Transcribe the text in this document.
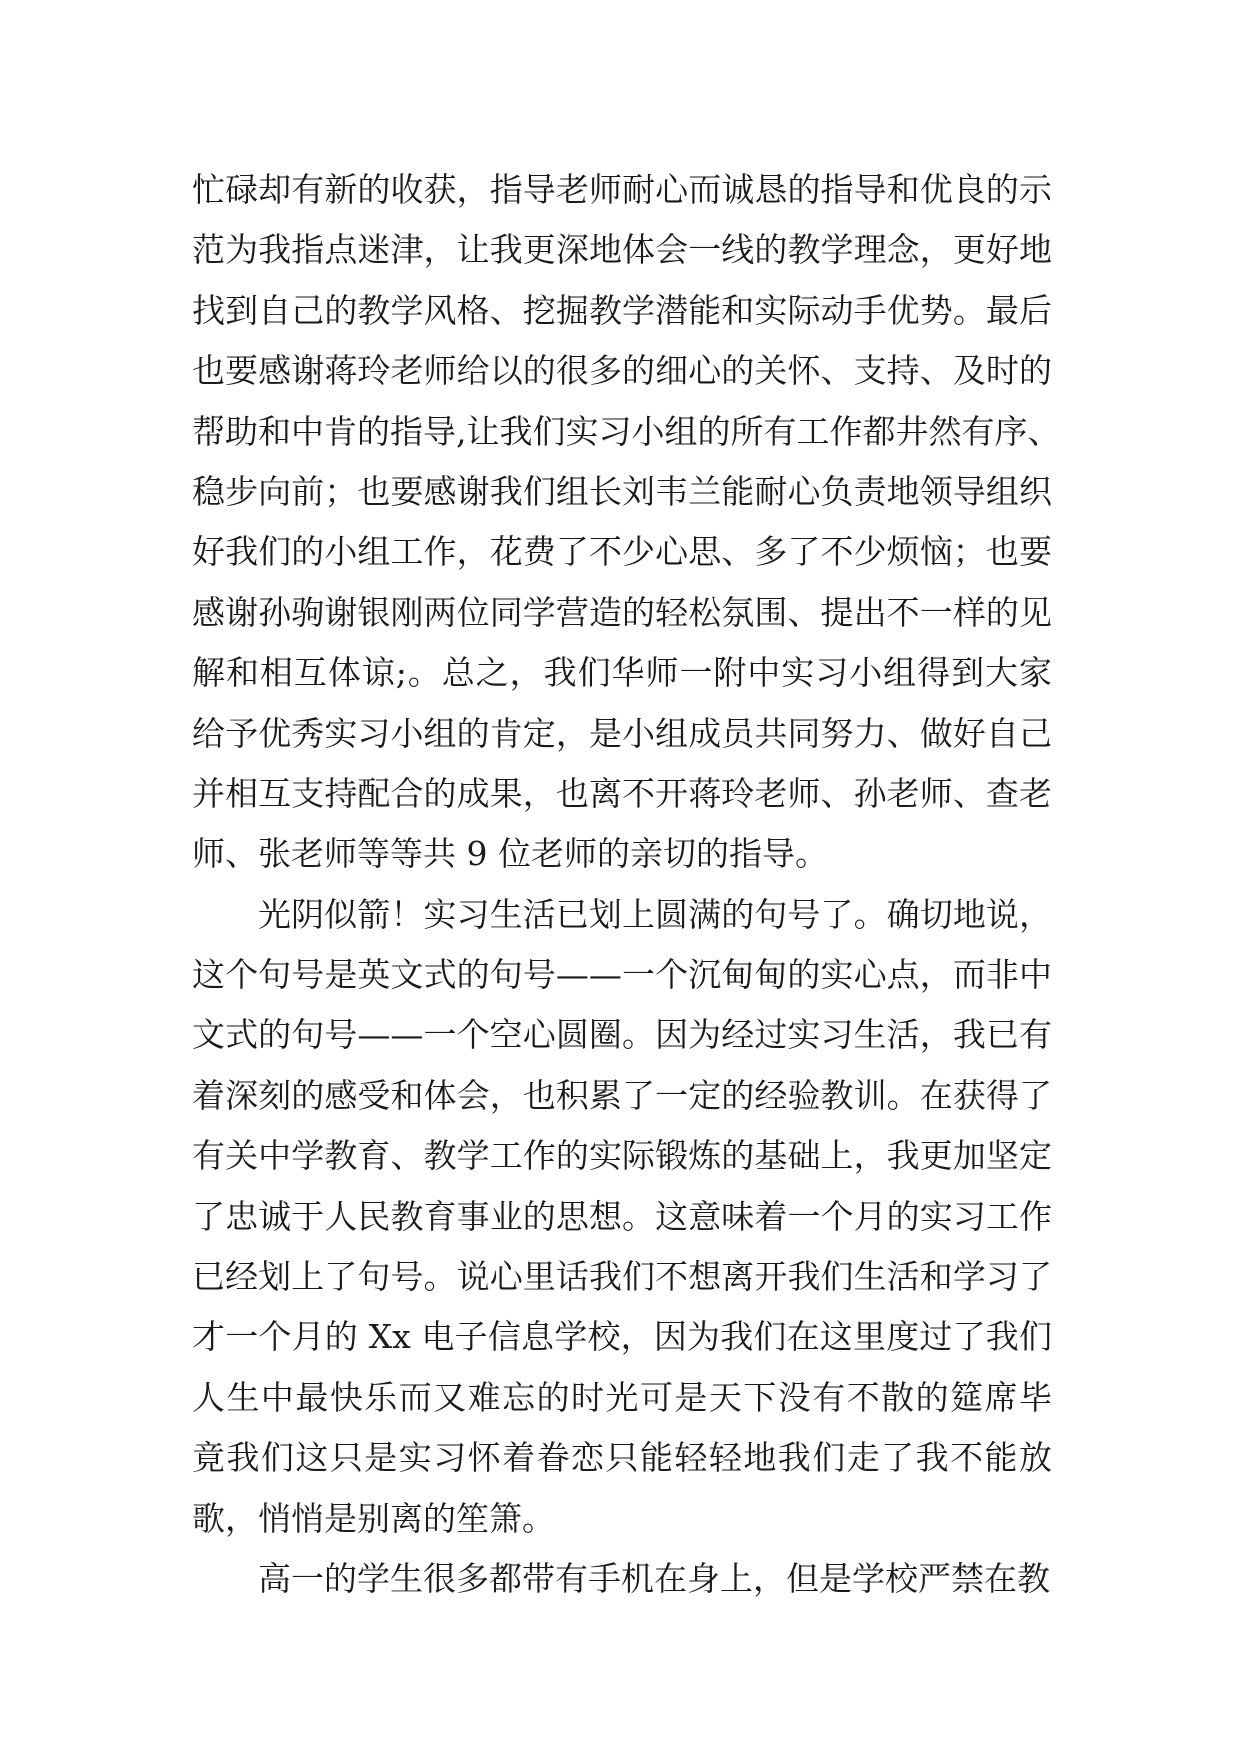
忙碌却有新的收获，指导老师耐心而诚恳的指导和优良的示
范为我指点迷津，让我更深地体会一线的教学理念，更好地
找到自己的教学风格、挖掘教学潜能和实际动手优势。最后
也要感谢蒋玲老师给以的很多的细心的关怀、支持、及时的
帮助和中肯的指导,让我们实习小组的所有工作都井然有序、
稳步向前；也要感谢我们组长刘韦兰能耐心负责地领导组织
好我们的小组工作，花费了不少心思、多了不少烦恼；也要
感谢孙驹谢银刚两位同学营造的轻松氛围、提出不一样的见
解和相互体谅;。总之，我们华师一附中实习小组得到大家
给予优秀实习小组的肯定，是小组成员共同努力、做好自己
并相互支持配合的成果，也离不开蒋玲老师、孙老师、查老
师、张老师等等共 9 位老师的亲切的指导。
光阴似箭！实习生活已划上圆满的句号了。确切地说，
这个句号是英文式的句号——一个沉甸甸的实心点，而非中
文式的句号——一个空心圆圈。因为经过实习生活，我已有
着深刻的感受和体会，也积累了一定的经验教训。在获得了
有关中学教育、教学工作的实际锻炼的基础上，我更加坚定
了忠诚于人民教育事业的思想。这意味着一个月的实习工作
已经划上了句号。说心里话我们不想离开我们生活和学习了
才一个月的 Xx 电子信息学校，因为我们在这里度过了我们
人生中最快乐而又难忘的时光可是天下没有不散的筵席毕
竟我们这只是实习怀着眷恋只能轻轻地我们走了我不能放
歌，悄悄是别离的笙箫。
高一的学生很多都带有手机在身上，但是学校严禁在教
